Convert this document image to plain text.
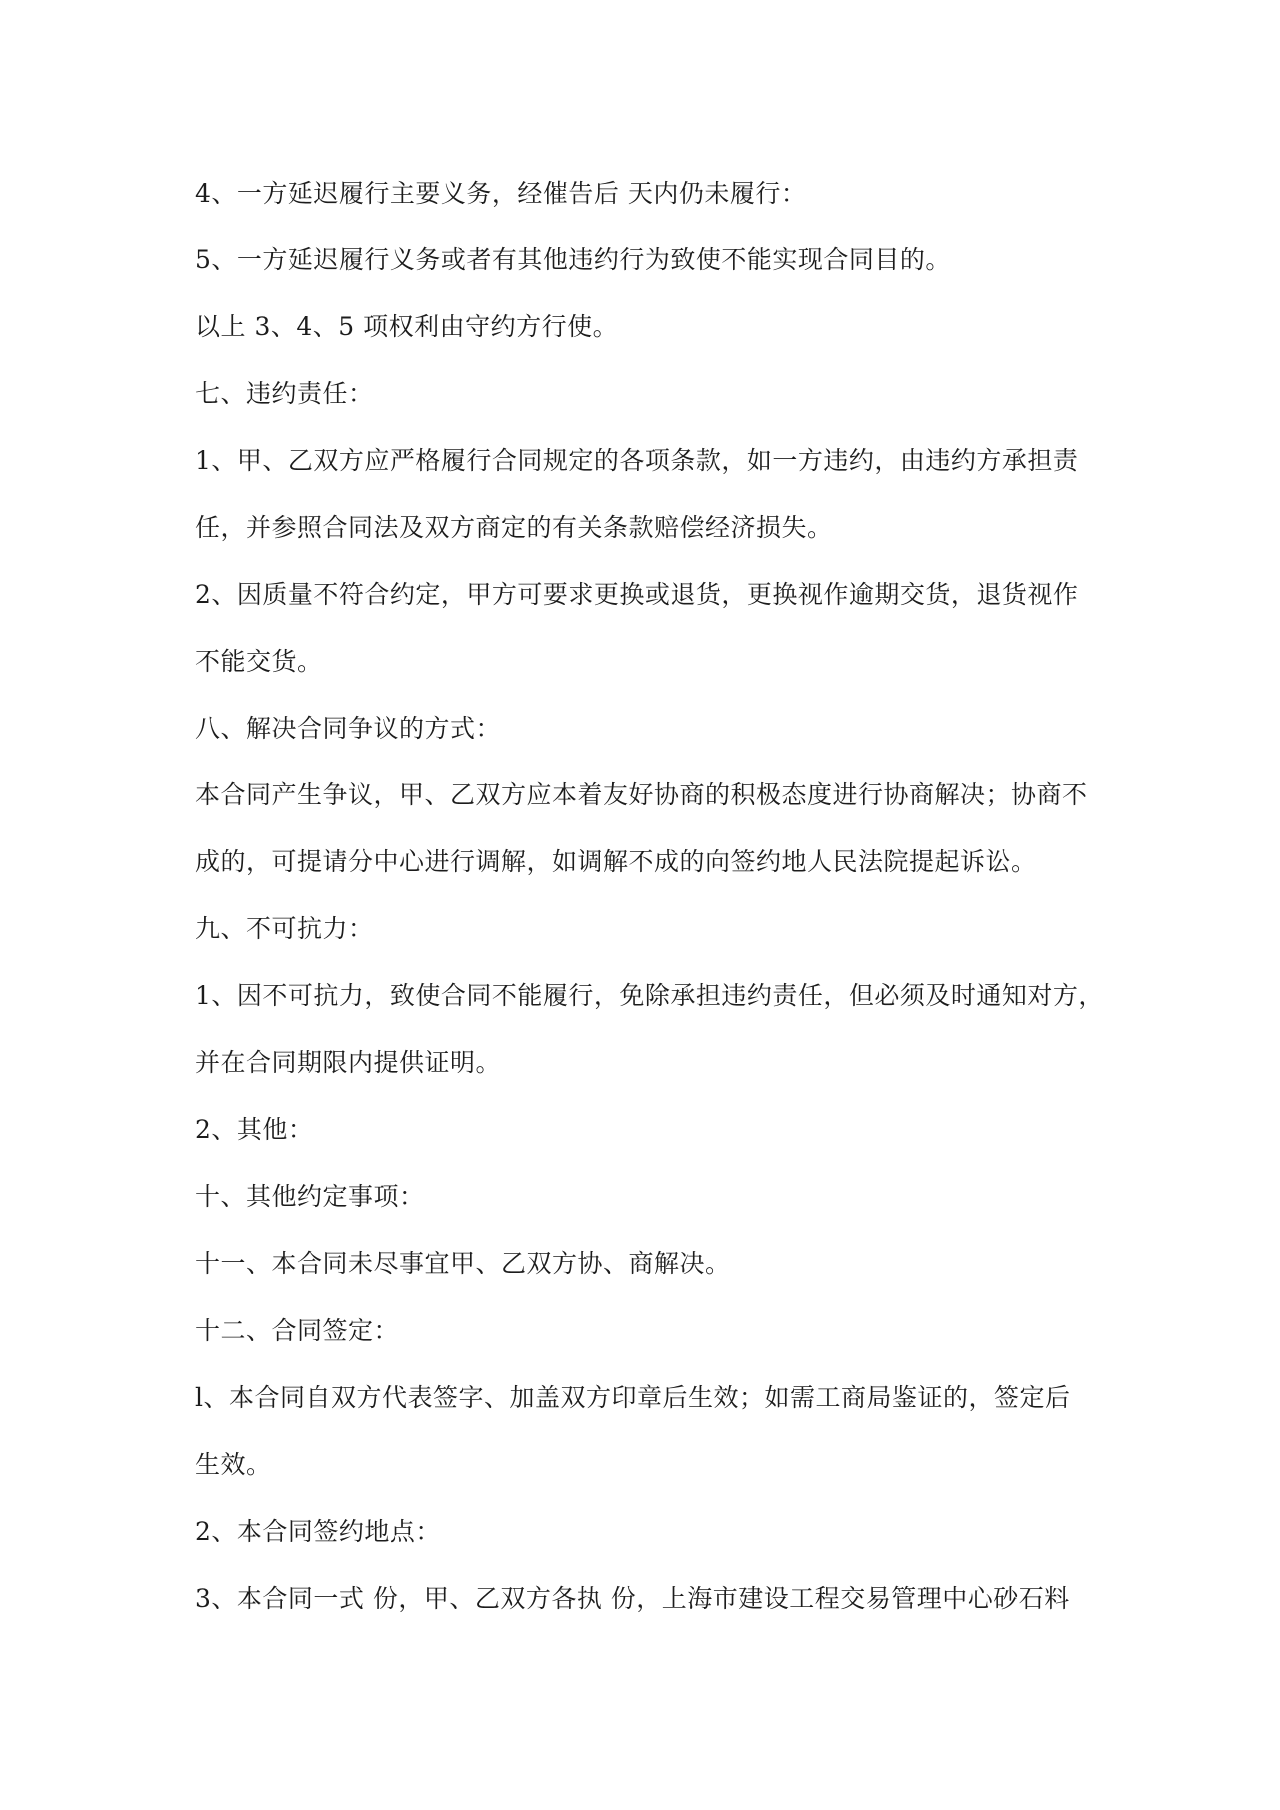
4、一方延迟履行主要义务，经催告后 天内仍未履行：
5、一方延迟履行义务或者有其他违约行为致使不能实现合同目的。
以上 3、4、5 项权利由守约方行使。
七、违约责任：
1、甲、乙双方应严格履行合同规定的各项条款，如一方违约，由违约方承担责
任，并参照合同法及双方商定的有关条款赔偿经济损失。
2、因质量不符合约定，甲方可要求更换或退货，更换视作逾期交货，退货视作
不能交货。
八、解决合同争议的方式：
本合同产生争议，甲、乙双方应本着友好协商的积极态度进行协商解决；协商不
成的，可提请分中心进行调解，如调解不成的向签约地人民法院提起诉讼。
九、不可抗力：
1、因不可抗力，致使合同不能履行，免除承担违约责任，但必须及时通知对方，
并在合同期限内提供证明。
2、其他：
十、其他约定事项：
十一、本合同未尽事宜甲、乙双方协、商解决。
十二、合同签定：
l、本合同自双方代表签字、加盖双方印章后生效；如需工商局鉴证的，签定后
生效。
2、本合同签约地点：
3、本合同一式 份，甲、乙双方各执 份，上海市建设工程交易管理中心砂石料
